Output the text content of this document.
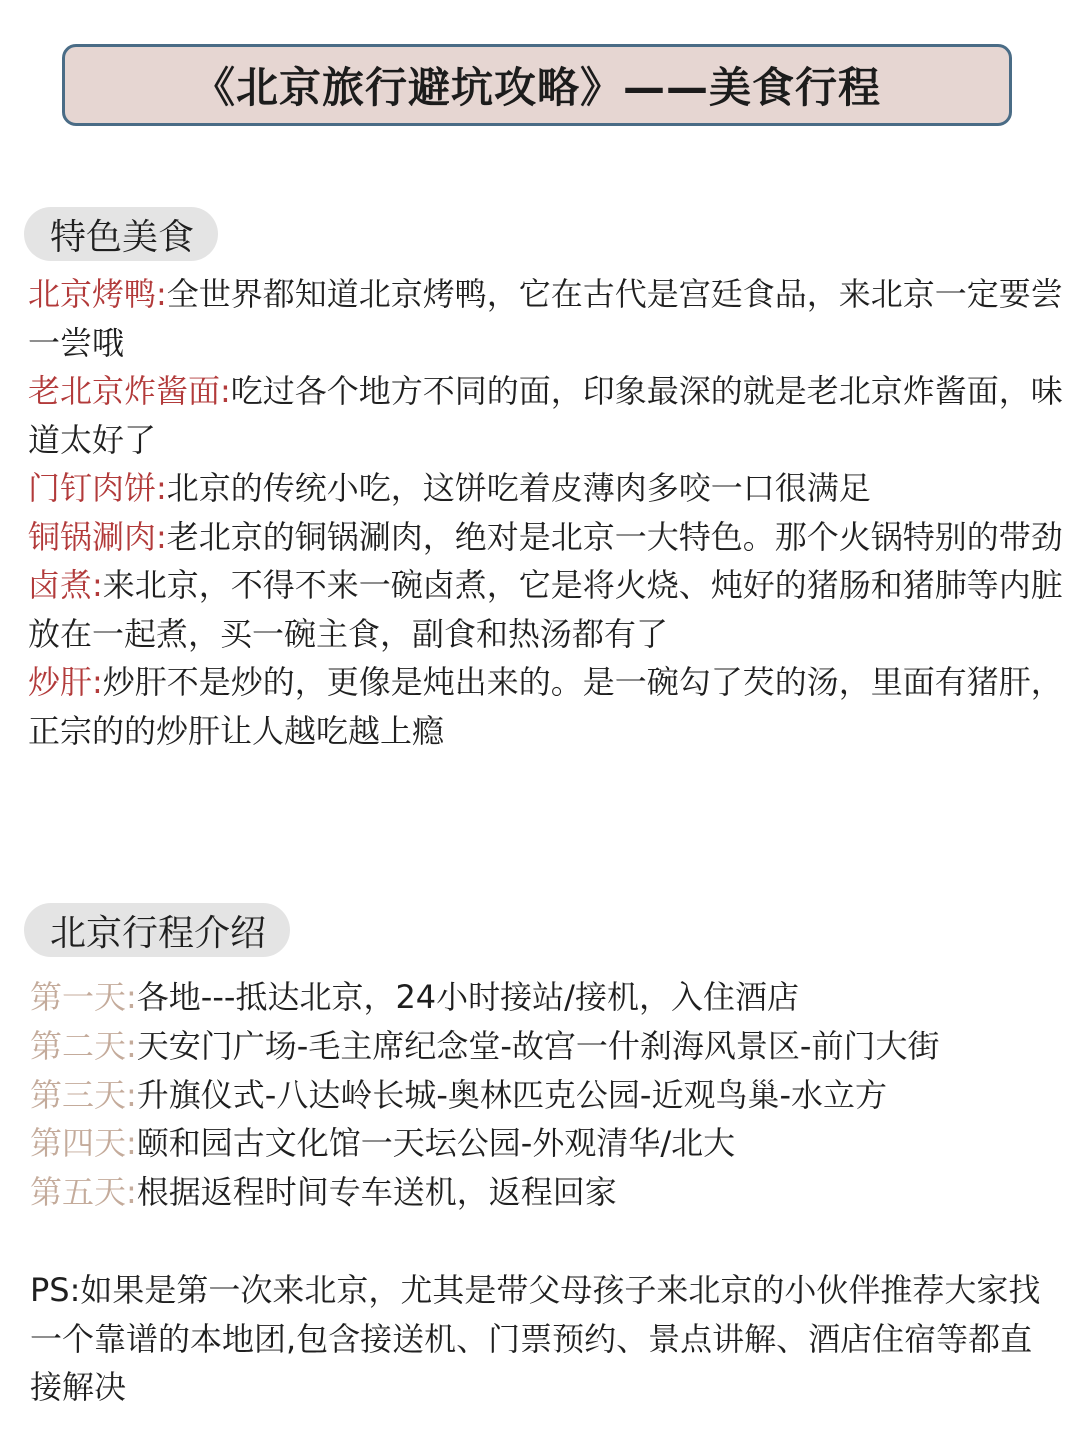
《北京旅行避坑攻略》——美食行程
特色美食

北京烤鸭:全世界都知道北京烤鸭，它在古代是宫廷食品，来北京一定要尝一尝哦

老北京炸酱面:吃过各个地方不同的面，印象最深的就是老北京炸酱面，味道太好了

门钉肉饼:北京的传统小吃，这饼吃着皮薄肉多咬一口很满足

铜锅涮肉:老北京的铜锅涮肉，绝对是北京一大特色。那个火锅特别的带劲

卤煮:来北京，不得不来一碗卤煮，它是将火烧、炖好的猪肠和猪肺等内脏放在一起煮，买一碗主食，副食和热汤都有了

炒肝:炒肝不是炒的，更像是炖出来的。是一碗勾了芡的汤，里面有猪肝，正宗的的炒肝让人越吃越上瘾

北京行程介绍
第一天:各地---抵达北京，24小时接站/接机，入住酒店
第二天:天安门广场-毛主席纪念堂-故宫一什刹海风景区-前门大街
第三天:升旗仪式-八达岭长城-奥林匹克公园-近观鸟巢-水立方
第四天:颐和园古文化馆一天坛公园-外观清华/北大
第五天:根据返程时间专车送机，返程回家
PS:如果是第一次来北京，尤其是带父母孩子来北京的小伙伴推荐大家找一个靠谱的本地团,包含接送机、门票预约、景点讲解、酒店住宿等都直接解决
